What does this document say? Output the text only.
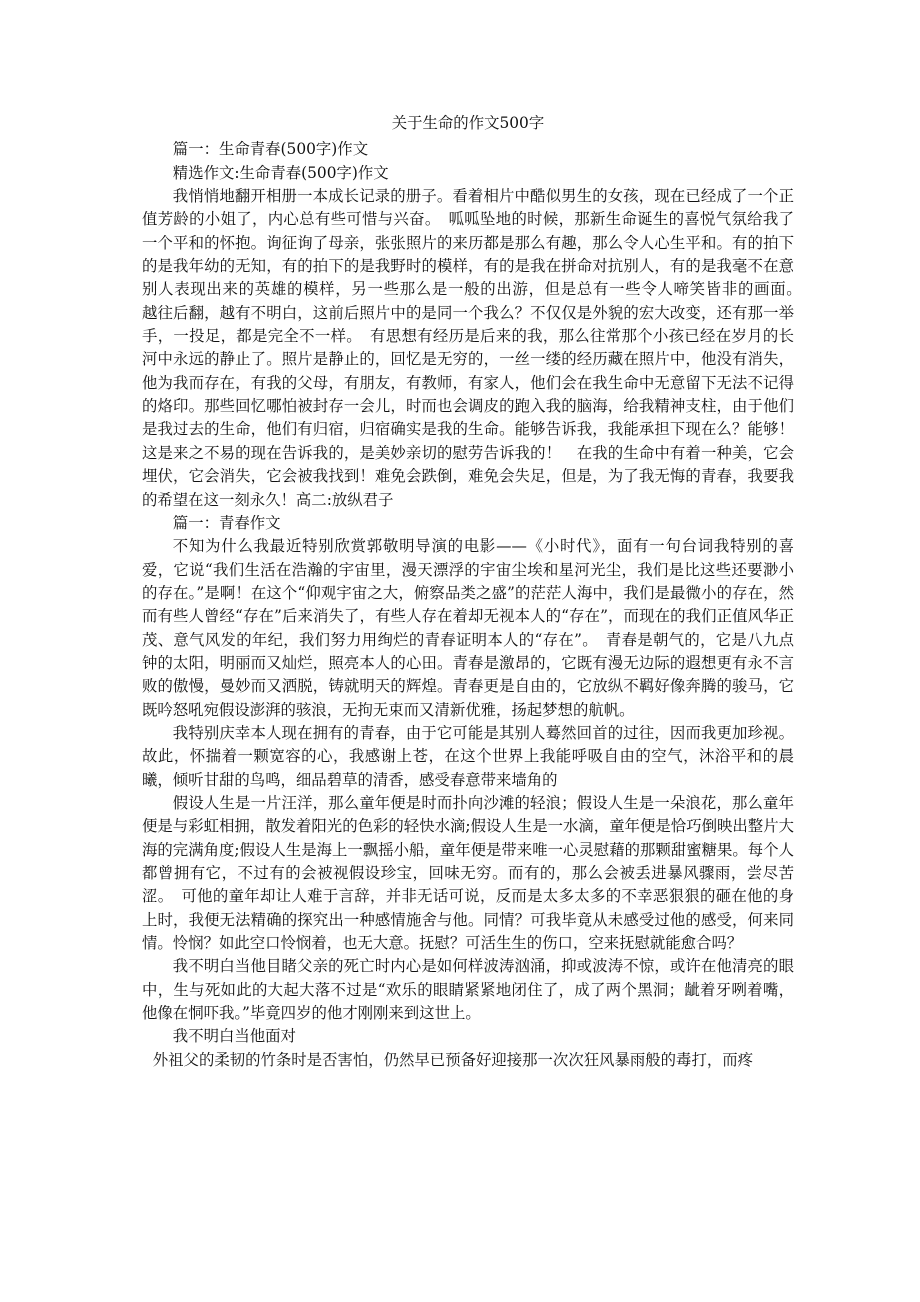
关于生命的作文500字

篇一：生命青春(500字)作文

精选作文:生命青春(500字)作文

我悄悄地翻开相册一本成长记录的册子。看着相片中酷似男生的女孩，现在已经成了一个正值芳龄的小姐了，内心总有些可惜与兴奋。　呱呱坠地的时候，那新生命诞生的喜悦气氛给我了一个平和的怀抱。询征询了母亲，张张照片的来历都是那么有趣，那么令人心生平和。有的拍下的是我年幼的无知，有的拍下的是我野时的模样，有的是我在拼命对抗别人，有的是我毫不在意别人表现出来的英雄的模样，另一些那么是一般的出游，但是总有一些令人啼笑皆非的画面。　越往后翻，越有不明白，这前后照片中的是同一个我么？不仅仅是外貌的宏大改变，还有那一举手，一投足，都是完全不一样。　有思想有经历是后来的我，那么往常那个小孩已经在岁月的长河中永远的静止了。照片是静止的，回忆是无穷的，一丝一缕的经历藏在照片中，他没有消失，他为我而存在，有我的父母，有朋友，有教师，有家人，他们会在我生命中无意留下无法不记得的烙印。那些回忆哪怕被封存一会儿，时而也会调皮的跑入我的脑海，给我精神支柱，由于他们是我过去的生命，他们有归宿，归宿确实是我的生命。能够告诉我，我能承担下现在么？能够！这是来之不易的现在告诉我的，是美妙亲切的慰劳告诉我的！　在我的生命中有着一种美，它会埋伏，它会消失，它会被我找到！难免会跌倒，难免会失足，但是，为了我无悔的青春，我要我的希望在这一刻永久！高二:放纵君子

篇一：青春作文

不知为什么我最近特别欣赏郭敬明导演的电影——《小时代》，面有一句台词我特别的喜爱，它说“我们生活在浩瀚的宇宙里，漫天漂浮的宇宙尘埃和星河光尘，我们是比这些还要渺小的存在。”是啊！在这个“仰观宇宙之大，俯察品类之盛”的茫茫人海中，我们是最微小的存在，然而有些人曾经“存在”后来消失了，有些人存在着却无视本人的“存在”，而现在的我们正值风华正茂、意气风发的年纪，我们努力用绚烂的青春证明本人的“存在”。　青春是朝气的，它是八九点钟的太阳，明丽而又灿烂，照亮本人的心田。青春是激昂的，它既有漫无边际的遐想更有永不言败的傲慢，曼妙而又洒脱，铸就明天的辉煌。青春更是自由的，它放纵不羁好像奔腾的骏马，它既吟怒吼宛假设澎湃的骇浪，无拘无束而又清新优雅，扬起梦想的航帆。

我特别庆幸本人现在拥有的青春，由于它可能是其别人蓦然回首的过往，因而我更加珍视。故此，怀揣着一颗宽容的心，我感谢上苍，在这个世界上我能呼吸自由的空气，沐浴平和的晨曦，倾听甘甜的鸟鸣，细品碧草的清香，感受春意带来墙角的

假设人生是一片汪洋，那么童年便是时而扑向沙滩的轻浪；假设人生是一朵浪花，那么童年便是与彩虹相拥，散发着阳光的色彩的轻快水滴;假设人生是一水滴，童年便是恰巧倒映出整片大海的完满角度;假设人生是海上一飘摇小船，童年便是带来唯一心灵慰藉的那颗甜蜜糖果。每个人都曾拥有它，不过有的会被视假设珍宝，回味无穷。而有的，那么会被丢进暴风骤雨，尝尽苦涩。　可他的童年却让人难于言辞，并非无话可说，反而是太多太多的不幸恶狠狠的砸在他的身上时，我便无法精确的探究出一种感情施舍与他。同情？可我毕竟从未感受过他的感受，何来同情。怜悯？如此空口怜悯着，也无大意。抚慰？可活生生的伤口，空来抚慰就能愈合吗？

我不明白当他目睹父亲的死亡时内心是如何样波涛汹涌，抑或波涛不惊，或许在他清亮的眼中，生与死如此的大起大落不过是“欢乐的眼睛紧紧地闭住了，成了两个黑洞；龇着牙咧着嘴，他像在恫吓我。”毕竟四岁的他才刚刚来到这世上。

我不明白当他面对

外祖父的柔韧的竹条时是否害怕，仍然早已预备好迎接那一次次狂风暴雨般的毒打，而疼
